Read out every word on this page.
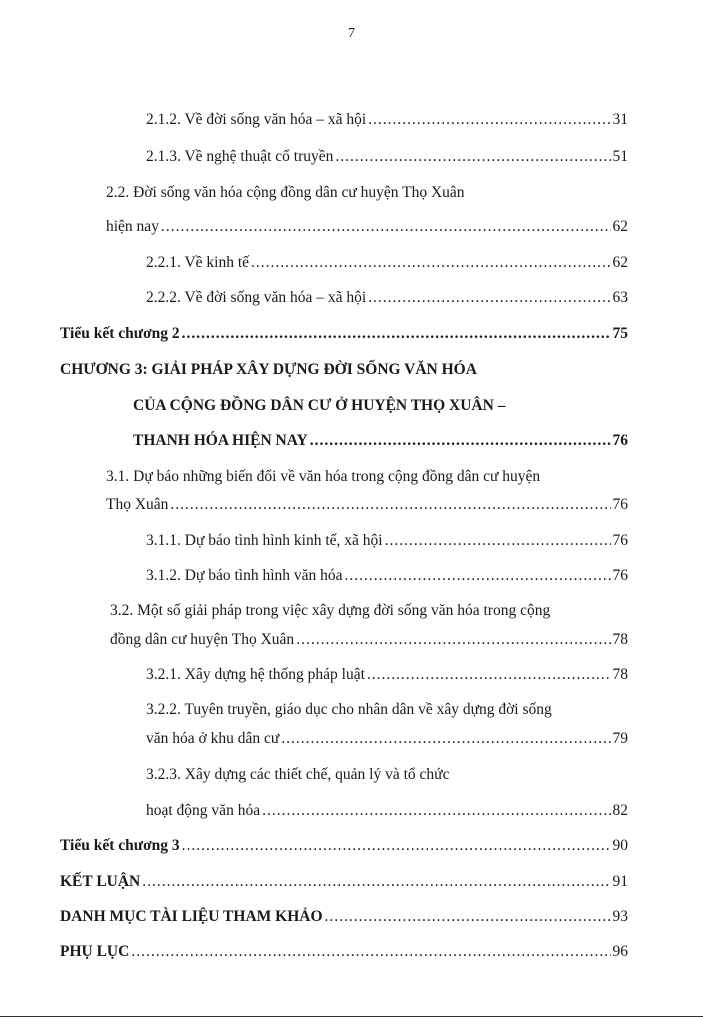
7
2.1.2. Về đời sống văn hóa – xã hội .....	31
2.1.3. Về nghệ thuật cổ truyền .....	51
2.2. Đời sống văn hóa cộng đồng dân cư huyện Thọ Xuân
hiện nay .....	62
2.2.1. Về kinh tế .....	62
2.2.2. Về đời sống văn hóa – xã hội .....	63
Tiểu kết chương 2 .....	75
CHƯƠNG 3: GIẢI PHÁP XÂY DỰNG ĐỜI SỐNG VĂN HÓA
CỦA CỘNG ĐỒNG DÂN CƯ Ở HUYỆN THỌ XUÂN –
THANH HÓA HIỆN NAY .....	76
3.1. Dự báo những biến đổi về văn hóa trong cộng đồng dân cư huyện
Thọ Xuân .....	76
3.1.1. Dự báo tình hình kinh tế, xã hội .....	76
3.1.2. Dự báo tình hình văn hóa .....	76
3.2. Một số giải pháp trong việc xây dựng đời sống văn hóa trong cộng
đồng dân cư huyện Thọ Xuân .....	78
3.2.1. Xây dựng hệ thống pháp luật .....	78
3.2.2. Tuyên truyền, giáo dục cho nhân dân về xây dựng đời sống
văn hóa ở khu dân cư .....	79
3.2.3. Xây dựng các thiết chế, quản lý và tổ chức
hoạt động văn hóa .....	82
Tiểu kết chương 3 .....	90
KẾT LUẬN .....	91
DANH MỤC TÀI LIỆU THAM KHẢO .....	93
PHỤ LỤC .....	96
